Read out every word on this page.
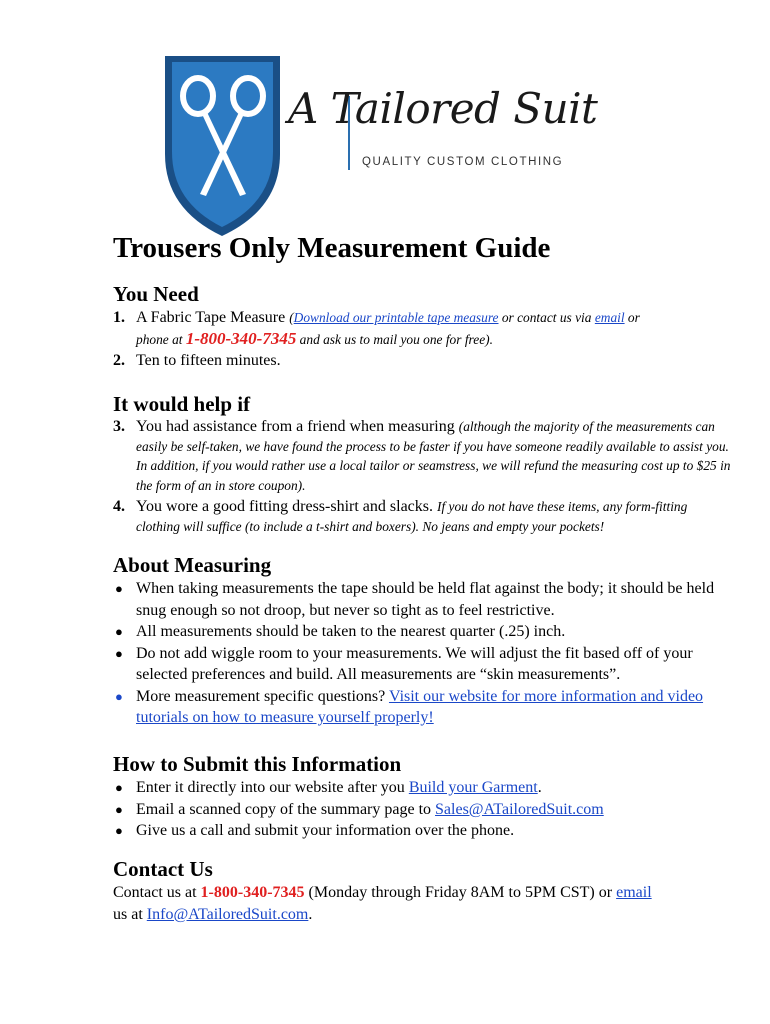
A Tailored Suit
QUALITY CUSTOM CLOTHING
Trousers Only Measurement Guide
You Need
1. A Fabric Tape Measure (Download our printable tape measure or contact us via email or
phone at 1-800-340-7345 and ask us to mail you one for free).
2. Ten to fifteen minutes.
It would help if
3. You had assistance from a friend when measuring (although the majority of the measurements can easily be self-taken, we have found the process to be faster if you have someone readily available to assist you. In addition, if you would rather use a local tailor or seamstress, we will refund the measuring cost up to $25 in the form of an in store coupon).
4. You wore a good fitting dress-shirt and slacks. If you do not have these items, any form-fitting clothing will suffice (to include a t-shirt and boxers). No jeans and empty your pockets!
About Measuring
● When taking measurements the tape should be held flat against the body; it should be held snug enough so not droop, but never so tight as to feel restrictive.
● All measurements should be taken to the nearest quarter (.25) inch.
● Do not add wiggle room to your measurements. We will adjust the fit based off of your selected preferences and build. All measurements are “skin measurements”.
● More measurement specific questions? Visit our website for more information and video tutorials on how to measure yourself properly!
How to Submit this Information
● Enter it directly into our website after you Build your Garment.
● Email a scanned copy of the summary page to Sales@ATailoredSuit.com
● Give us a call and submit your information over the phone.
Contact Us

Contact us at 1-800-340-7345 (Monday through Friday 8AM to 5PM CST) or email
us at Info@ATailoredSuit.com.
